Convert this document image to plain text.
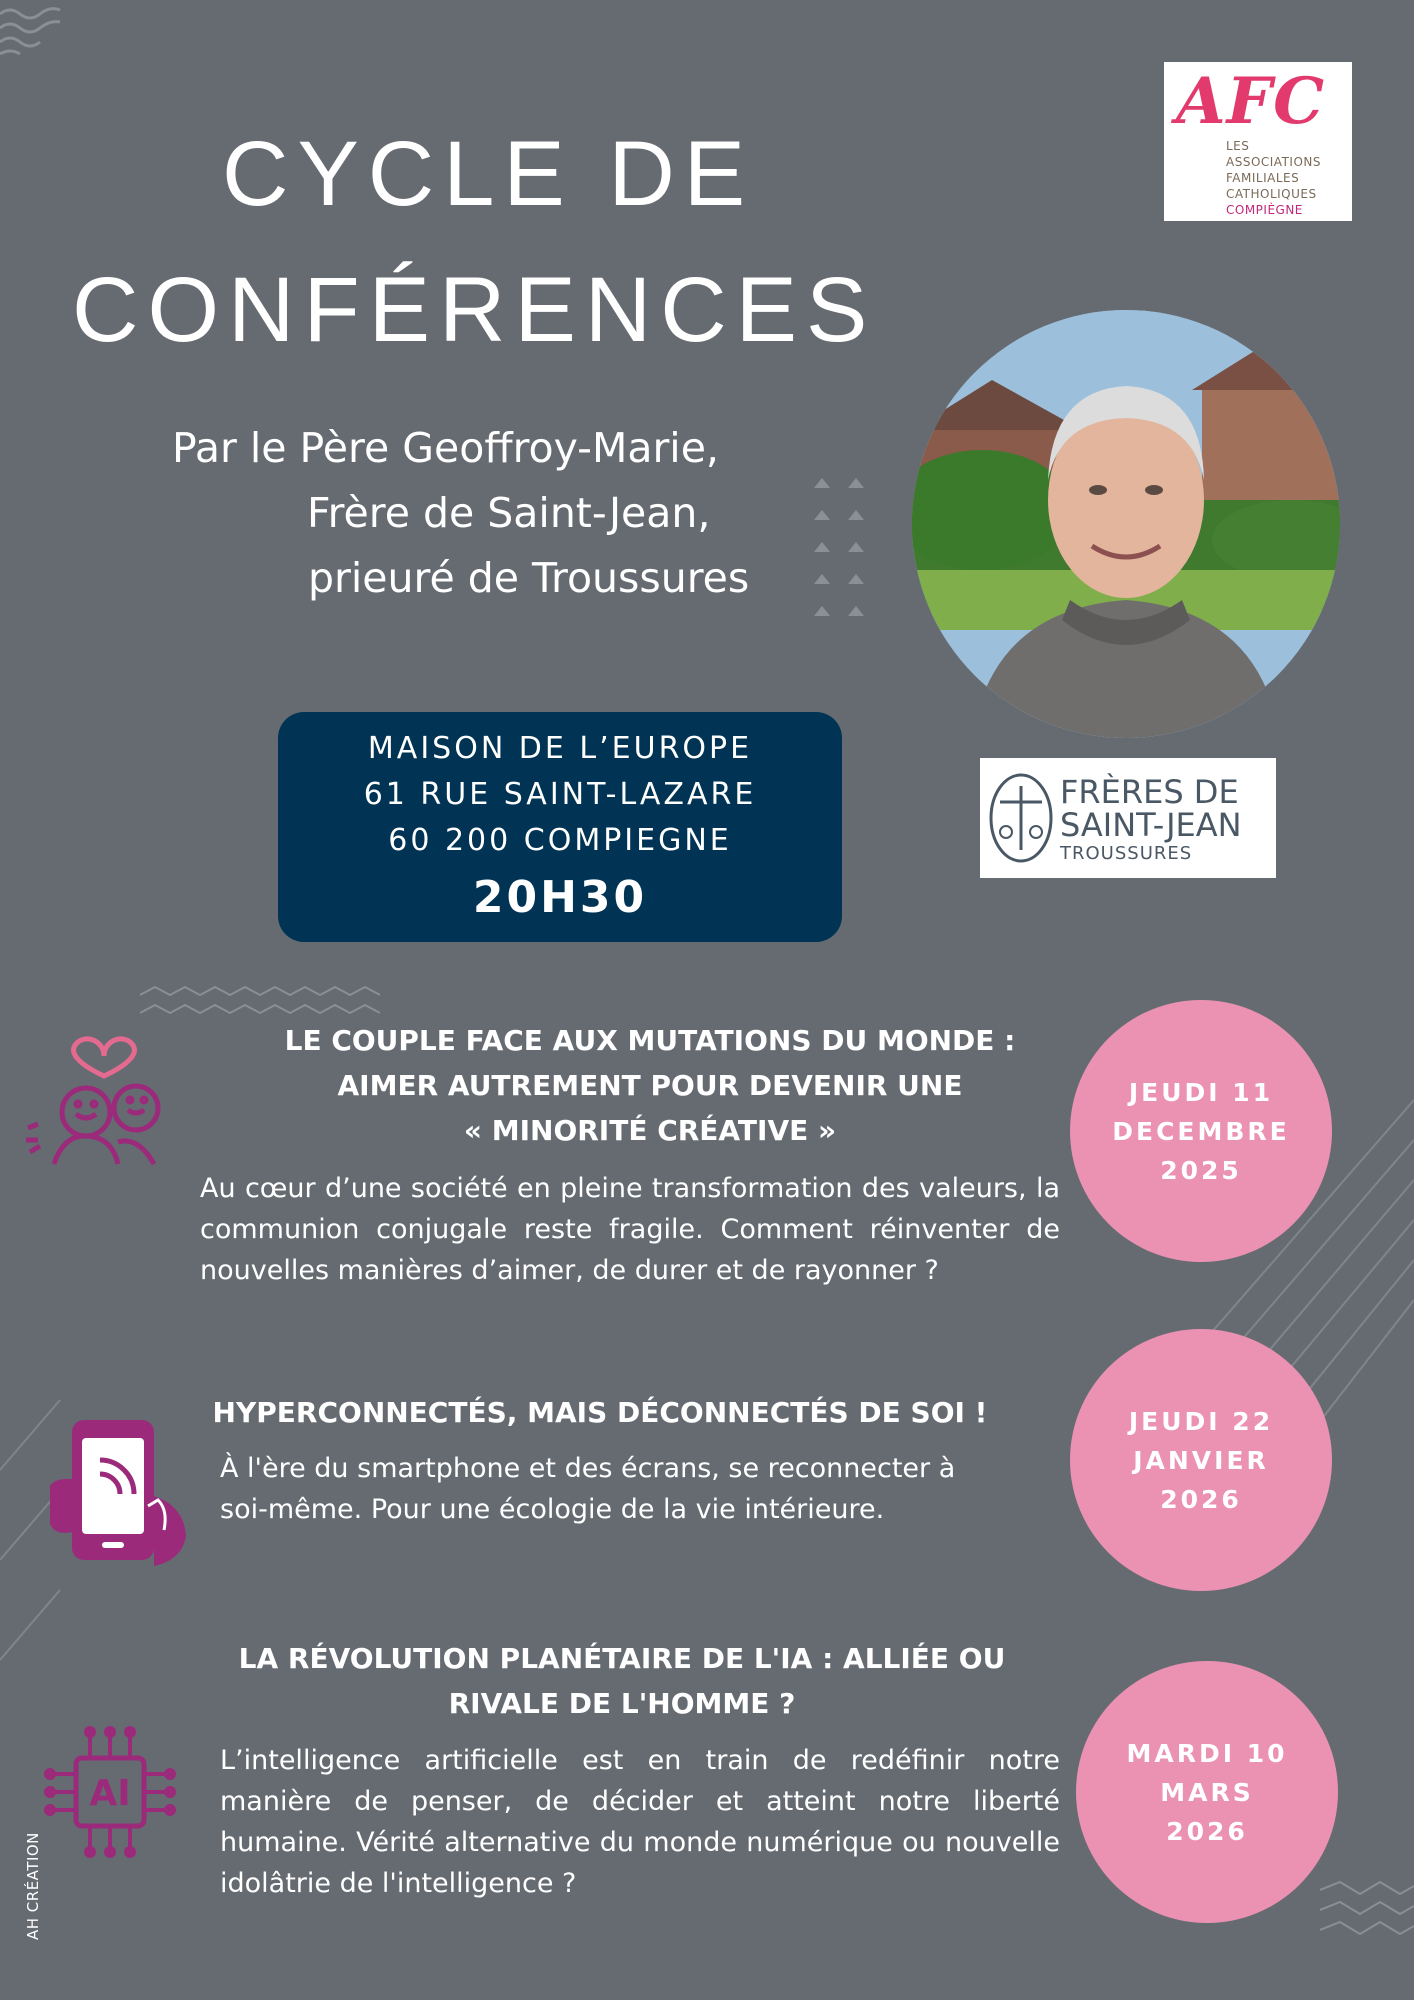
CYCLE DE
CONFÉRENCES
AFC
LES
ASSOCIATIONS
FAMILIALES
CATHOLIQUES
COMPIÈGNE
Par le Père Geoffroy-Marie,
Frère de Saint-Jean,
prieuré de Troussures
MAISON DE L’EUROPE
61 RUE SAINT-LAZARE
60 200 COMPIEGNE
20H30
FRÈRES DE
SAINT-JEAN
TROUSSURES
LE COUPLE FACE AUX MUTATIONS DU MONDE :
AIMER AUTREMENT POUR DEVENIR UNE
« MINORITÉ CRÉATIVE »
Au cœur d’une société en pleine transformation des valeurs, la communion conjugale reste fragile. Comment réinventer de nouvelles manières d’aimer, de durer et de rayonner ?
JEUDI 11
DECEMBRE
2025
HYPERCONNECTÉS, MAIS DÉCONNECTÉS DE SOI !
À l'ère du smartphone et des écrans, se reconnecter à
soi-même. Pour une écologie de la vie intérieure.
JEUDI 22
JANVIER
2026
AI
LA RÉVOLUTION PLANÉTAIRE DE L'IA : ALLIÉE OU
RIVALE DE L'HOMME ?
L’intelligence artificielle est en train de redéfinir notre manière de penser, de décider et atteint notre liberté humaine. Vérité alternative du monde numérique ou nouvelle idolâtrie de l'intelligence ?
MARDI 10
MARS
2026
AH CRÉATION
